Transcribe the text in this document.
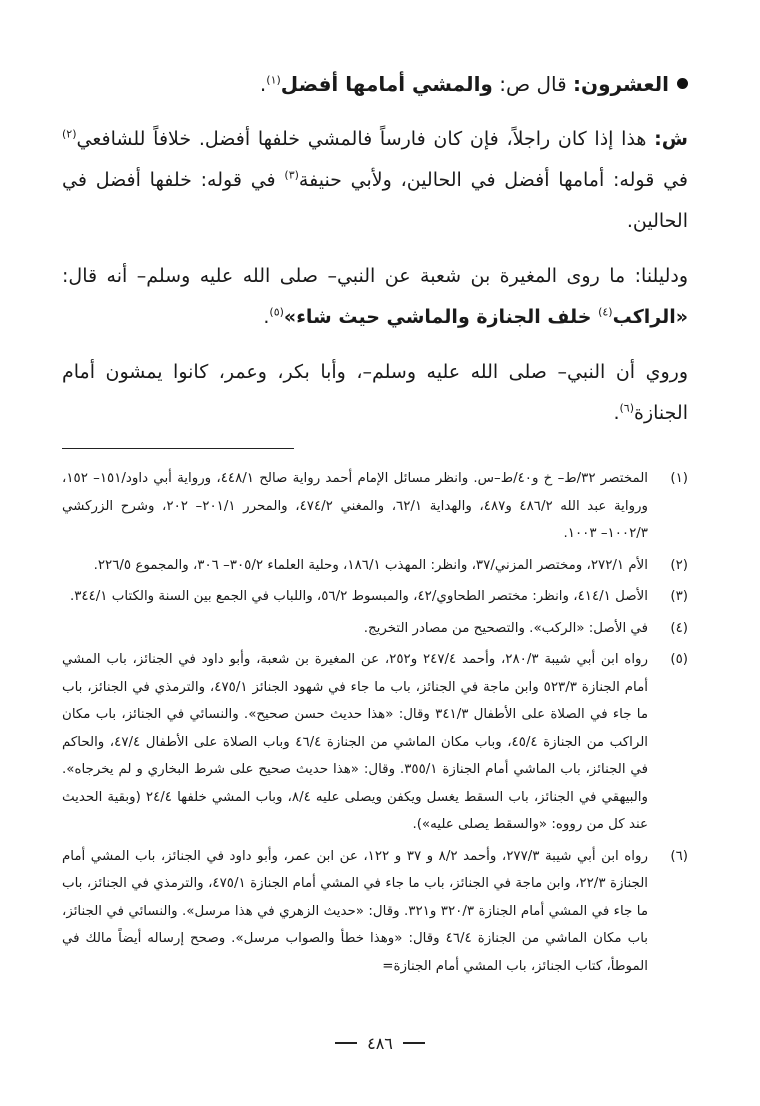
العشرون: قال ص: والمشي أمامها أفضل$^{(١)}$.

ش: هذا إذا كان راجلاً، فإن كان فارساً فالمشي خلفها أفضل. خلافاً للشافعي$^{(٢)}$ في قوله: أمامها أفضل في الحالين، ولأبي حنيفة$^{(٣)}$ في قوله: خلفها أفضل في الحالين.

ودليلنا: ما روى المغيرة بن شعبة عن النبي– صلى الله عليه وسلم– أنه قال: «الراكب$^{(٤)}$ خلف الجنازة والماشي حيث شاء»$^{(٥)}$.

وروي أن النبي– صلى الله عليه وسلم–، وأبا بكر، وعمر، كانوا يمشون أمام الجنازة$^{(٦)}$.

(١)
المختصر ٣٢/ط– خ و٤٠/ط–س. وانظر مسائل الإمام أحمد رواية صالح ٤٤٨/١، ورواية أبي داود/١٥١– ١٥٢، ورواية عبد الله ٤٨٦/٢ و٤٨٧، والهداية ٦٢/١، والمغني ٤٧٤/٢، والمحرر ٢٠١/١– ٢٠٢، وشرح الزركشي ١٠٠٢/٣– ١٠٠٣.
(٢)
الأم ٢٧٢/١، ومختصر المزني/٣٧، وانظر: المهذب ١٨٦/١، وحلية العلماء ٣٠٥/٢– ٣٠٦، والمجموع ٢٢٦/٥.
(٣)
الأصل ٤١٤/١، وانظر: مختصر الطحاوي/٤٢، والمبسوط ٥٦/٢، واللباب في الجمع بين السنة والكتاب ٣٤٤/١.
(٤)
في الأصل: «الركب». والتصحيح من مصادر التخريج.
(٥)
رواه ابن أبي شيبة ٢٨٠/٣، وأحمد ٢٤٧/٤ و٢٥٢، عن المغيرة بن شعبة، وأبو داود في الجنائز، باب المشي أمام الجنازة ٥٢٣/٣ وابن ماجة في الجنائز، باب ما جاء في شهود الجنائز ٤٧٥/١، والترمذي في الجنائز، باب ما جاء في الصلاة على الأطفال ٣٤١/٣ وقال: «هذا حديث حسن صحيح». والنسائي في الجنائز، باب مكان الراكب من الجنازة ٤٥/٤، وباب مكان الماشي من الجنازة ٤٦/٤ وباب الصلاة على الأطفال ٤٧/٤، والحاكم في الجنائز، باب الماشي أمام الجنازة ٣٥٥/١. وقال: «هذا حديث صحيح على شرط البخاري و لم يخرجاه». والبيهقي في الجنائز، باب السقط يغسل ويكفن ويصلى عليه ٨/٤، وباب المشي خلفها ٢٤/٤ (وبقية الحديث عند كل من رووه: «والسقط يصلى عليه»).
(٦)
رواه ابن أبي شيبة ٢٧٧/٣، وأحمد ٨/٢ و ٣٧ و ١٢٢، عن ابن عمر، وأبو داود في الجنائز، باب المشي أمام الجنازة ٢٢/٣، وابن ماجة في الجنائز، باب ما جاء في المشي أمام الجنازة ٤٧٥/١، والترمذي في الجنائز، باب ما جاء في المشي أمام الجنازة ٣٢٠/٣ و٣٢١. وقال: «حديث الزهري في هذا مرسل». والنسائي في الجنائز، باب مكان الماشي من الجنازة ٤٦/٤ وقال: «وهذا خطأ والصواب مرسل». وصحح إرساله أيضاً مالك في الموطأ، كتاب الجنائز، باب المشي أمام الجنازة=
٤٨٦
